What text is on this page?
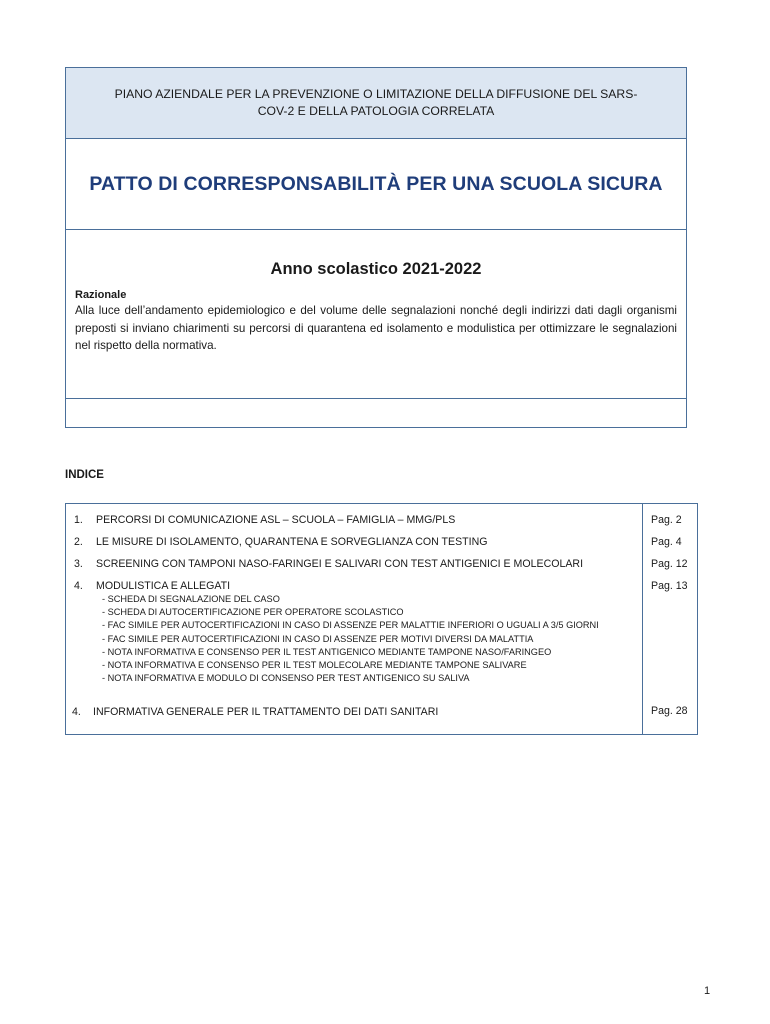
PIANO AZIENDALE PER LA PREVENZIONE O LIMITAZIONE DELLA DIFFUSIONE DEL SARS-
COV-2 E DELLA PATOLOGIA CORRELATA
PATTO DI CORRESPONSABILITÀ PER UNA SCUOLA SICURA
Anno scolastico 2021-2022
Razionale
Alla luce dell’andamento epidemiologico e del volume delle segnalazioni nonché degli indirizzi dati dagli organismi preposti si inviano chiarimenti su percorsi di quarantena ed isolamento e modulistica per ottimizzare le segnalazioni nel rispetto della normativa.
INDICE
1. PERCORSI DI COMUNICAZIONE ASL – SCUOLA – FAMIGLIA – MMG/PLS	Pag. 2
2. LE MISURE DI ISOLAMENTO, QUARANTENA E SORVEGLIANZA CON TESTING	Pag. 4
3. SCREENING CON TAMPONI NASO-FARINGEI E SALIVARI CON TEST ANTIGENICI E MOLECOLARI	Pag. 12
4. MODULISTICA E ALLEGATI	Pag. 13
- SCHEDA DI SEGNALAZIONE DEL CASO
- SCHEDA DI AUTOCERTIFICAZIONE PER OPERATORE SCOLASTICO
- FAC SIMILE PER AUTOCERTIFICAZIONI IN CASO DI ASSENZE PER MALATTIE INFERIORI O UGUALI A 3/5 GIORNI
- FAC SIMILE PER AUTOCERTIFICAZIONI IN CASO DI ASSENZE PER MOTIVI DIVERSI DA MALATTIA
- NOTA INFORMATIVA E CONSENSO PER IL TEST ANTIGENICO MEDIANTE TAMPONE NASO/FARINGEO
- NOTA INFORMATIVA E CONSENSO PER IL TEST MOLECOLARE MEDIANTE TAMPONE SALIVARE
- NOTA INFORMATIVA E MODULO DI CONSENSO PER TEST ANTIGENICO SU SALIVA
4. INFORMATIVA GENERALE PER IL TRATTAMENTO DEI DATI SANITARI	Pag. 28
1
